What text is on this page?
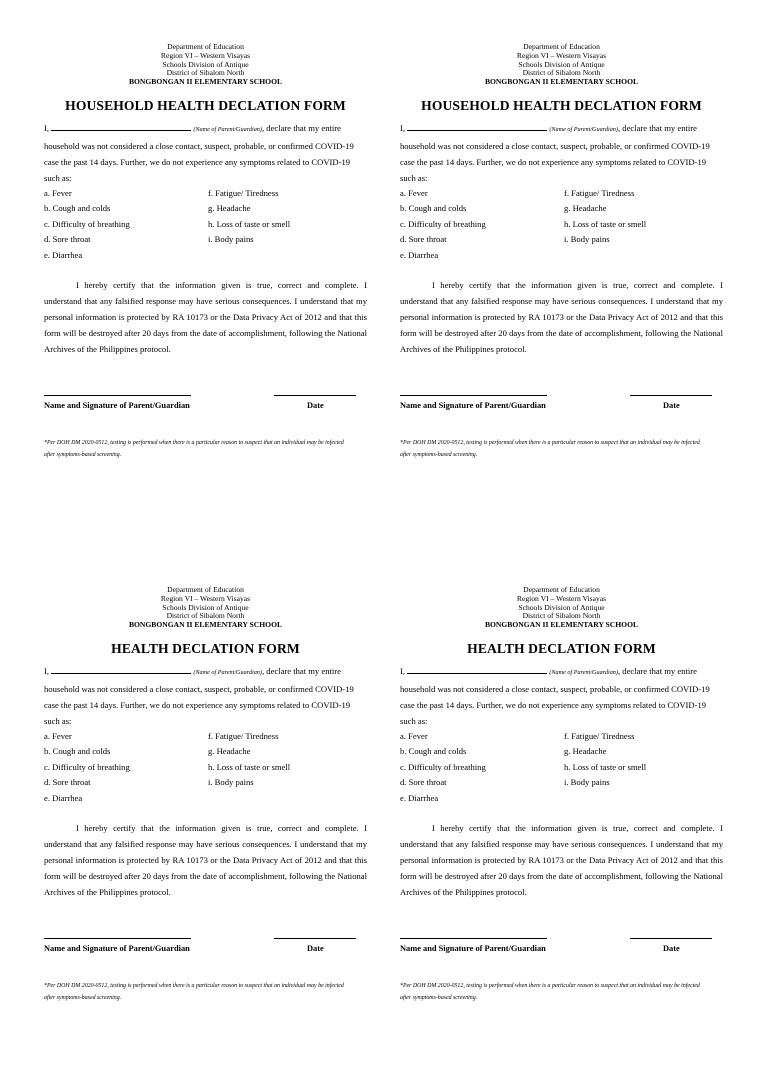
Department of Education
Region VI – Western Visayas
Schools Division of Antique
District of Sibalom North
BONGBONGAN II ELEMENTARY SCHOOL
HOUSEHOLD HEALTH DECLATION FORM
I,	(Name of Parent/Guardian), declare that my entire household was not considered a close contact, suspect, probable, or confirmed COVID-19 case the past 14 days. Further, we do not experience any symptoms related to COVID-19 such as:
a. Fever	f. Fatigue/ Tiredness
b. Cough and colds	g. Headache
c. Difficulty of breathing	h. Loss of taste or smell
d. Sore throat	i. Body pains
e. Diarrhea
I hereby certify that the information given is true, correct and complete. I understand that any falsified response may have serious consequences. I understand that my personal information is protected by RA 10173 or the Data Privacy Act of 2012 and that this form will be destroyed after 20 days from the date of accomplishment, following the National Archives of the Philippines protocol.
Name and Signature of Parent/Guardian	Date
*Per DOH DM 2020-0512, testing is performed when there is a particular reason to suspect that an individual may be infected after symptoms-based screening.
Department of Education
Region VI – Western Visayas
Schools Division of Antique
District of Sibalom North
BONGBONGAN II ELEMENTARY SCHOOL
HOUSEHOLD HEALTH DECLATION FORM
I,	(Name of Parent/Guardian), declare that my entire household was not considered a close contact, suspect, probable, or confirmed COVID-19 case the past 14 days. Further, we do not experience any symptoms related to COVID-19 such as:
a. Fever	f. Fatigue/ Tiredness
b. Cough and colds	g. Headache
c. Difficulty of breathing	h. Loss of taste or smell
d. Sore throat	i. Body pains
e. Diarrhea
I hereby certify that the information given is true, correct and complete. I understand that any falsified response may have serious consequences. I understand that my personal information is protected by RA 10173 or the Data Privacy Act of 2012 and that this form will be destroyed after 20 days from the date of accomplishment, following the National Archives of the Philippines protocol.
Name and Signature of Parent/Guardian	Date
*Per DOH DM 2020-0512, testing is performed when there is a particular reason to suspect that an individual may be infected after symptoms-based screening.
Department of Education
Region VI – Western Visayas
Schools Division of Antique
District of Sibalom North
BONGBONGAN II ELEMENTARY SCHOOL
HEALTH DECLATION FORM
I,	(Name of Parent/Guardian), declare that my entire household was not considered a close contact, suspect, probable, or confirmed COVID-19 case the past 14 days. Further, we do not experience any symptoms related to COVID-19 such as:
a. Fever	f. Fatigue/ Tiredness
b. Cough and colds	g. Headache
c. Difficulty of breathing	h. Loss of taste or smell
d. Sore throat	i. Body pains
e. Diarrhea
I hereby certify that the information given is true, correct and complete. I understand that any falsified response may have serious consequences. I understand that my personal information is protected by RA 10173 or the Data Privacy Act of 2012 and that this form will be destroyed after 20 days from the date of accomplishment, following the National Archives of the Philippines protocol.
Name and Signature of Parent/Guardian	Date
*Per DOH DM 2020-0512, testing is performed when there is a particular reason to suspect that an individual may be infected after symptoms-based screening.
Department of Education
Region VI – Western Visayas
Schools Division of Antique
District of Sibalom North
BONGBONGAN II ELEMENTARY SCHOOL
HEALTH DECLATION FORM
I,	(Name of Parent/Guardian), declare that my entire household was not considered a close contact, suspect, probable, or confirmed COVID-19 case the past 14 days. Further, we do not experience any symptoms related to COVID-19 such as:
a. Fever	f. Fatigue/ Tiredness
b. Cough and colds	g. Headache
c. Difficulty of breathing	h. Loss of taste or smell
d. Sore throat	i. Body pains
e. Diarrhea
I hereby certify that the information given is true, correct and complete. I understand that any falsified response may have serious consequences. I understand that my personal information is protected by RA 10173 or the Data Privacy Act of 2012 and that this form will be destroyed after 20 days from the date of accomplishment, following the National Archives of the Philippines protocol.
Name and Signature of Parent/Guardian	Date
*Per DOH DM 2020-0512, testing is performed when there is a particular reason to suspect that an individual may be infected after symptoms-based screening.
